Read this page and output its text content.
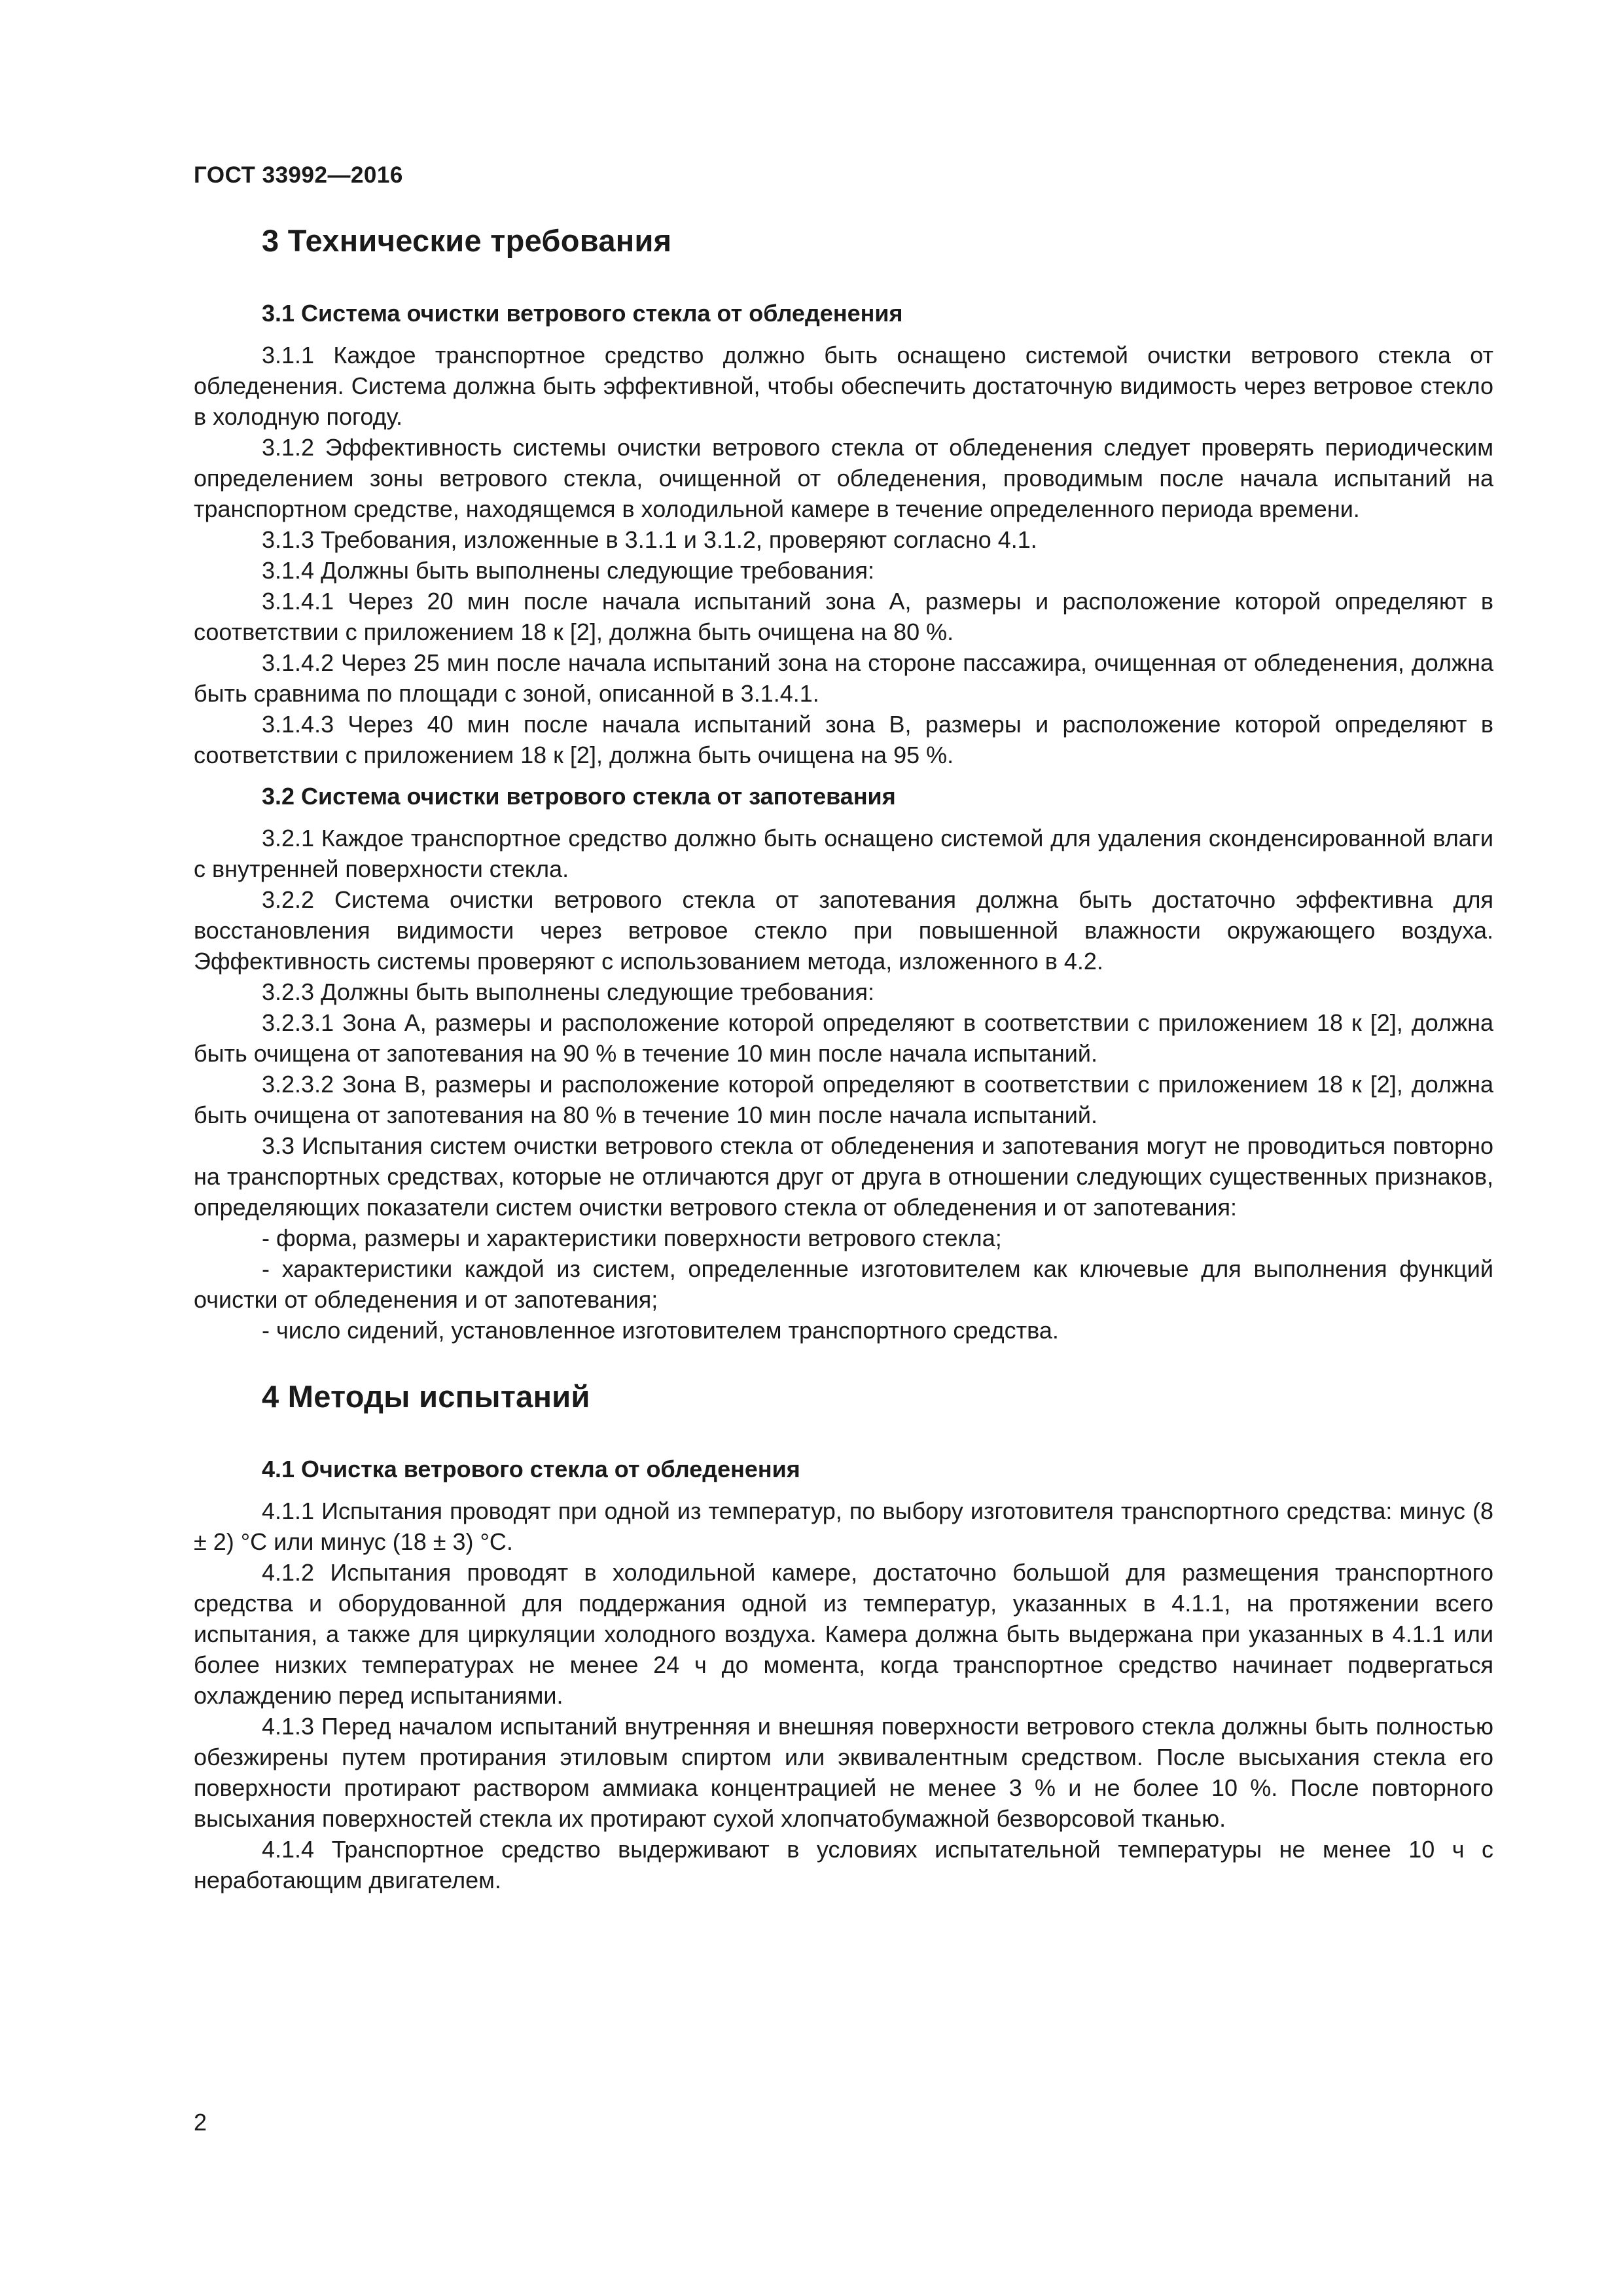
ГОСТ 33992—2016
3 Технические требования
3.1 Система очистки ветрового стекла от обледенения

3.1.1 Каждое транспортное средство должно быть оснащено системой очистки ветрового стекла от обледенения. Система должна быть эффективной, чтобы обеспечить достаточную видимость через ветровое стекло в холодную погоду.

3.1.2 Эффективность системы очистки ветрового стекла от обледенения следует проверять периодическим определением зоны ветрового стекла, очищенной от обледенения, проводимым после начала испытаний на транспортном средстве, находящемся в холодильной камере в течение определенного периода времени.

3.1.3 Требования, изложенные в 3.1.1 и 3.1.2, проверяют согласно 4.1.

3.1.4 Должны быть выполнены следующие требования:

3.1.4.1 Через 20 мин после начала испытаний зона A, размеры и расположение которой определяют в соответствии с приложением 18 к [2], должна быть очищена на 80 %.

3.1.4.2 Через 25 мин после начала испытаний зона на стороне пассажира, очищенная от обледенения, должна быть сравнима по площади с зоной, описанной в 3.1.4.1.

3.1.4.3 Через 40 мин после начала испытаний зона B, размеры и расположение которой определяют в соответствии с приложением 18 к [2], должна быть очищена на 95 %.

3.2 Система очистки ветрового стекла от запотевания

3.2.1 Каждое транспортное средство должно быть оснащено системой для удаления сконденсированной влаги с внутренней поверхности стекла.

3.2.2 Система очистки ветрового стекла от запотевания должна быть достаточно эффективна для восстановления видимости через ветровое стекло при повышенной влажности окружающего воздуха. Эффективность системы проверяют с использованием метода, изложенного в 4.2.

3.2.3 Должны быть выполнены следующие требования:

3.2.3.1 Зона A, размеры и расположение которой определяют в соответствии с приложением 18 к [2], должна быть очищена от запотевания на 90 % в течение 10 мин после начала испытаний.

3.2.3.2 Зона B, размеры и расположение которой определяют в соответствии с приложением 18 к [2], должна быть очищена от запотевания на 80 % в течение 10 мин после начала испытаний.

3.3 Испытания систем очистки ветрового стекла от обледенения и запотевания могут не проводиться повторно на транспортных средствах, которые не отличаются друг от друга в отношении следующих существенных признаков, определяющих показатели систем очистки ветрового стекла от обледенения и от запотевания:

- форма, размеры и характеристики поверхности ветрового стекла;

- характеристики каждой из систем, определенные изготовителем как ключевые для выполнения функций очистки от обледенения и от запотевания;

- число сидений, установленное изготовителем транспортного средства.

4 Методы испытаний
4.1 Очистка ветрового стекла от обледенения

4.1.1 Испытания проводят при одной из температур, по выбору изготовителя транспортного средства: минус (8 ± 2) °C или минус (18 ± 3) °C.

4.1.2 Испытания проводят в холодильной камере, достаточно большой для размещения транспортного средства и оборудованной для поддержания одной из температур, указанных в 4.1.1, на протяжении всего испытания, а также для циркуляции холодного воздуха. Камера должна быть выдержана при указанных в 4.1.1 или более низких температурах не менее 24 ч до момента, когда транспортное средство начинает подвергаться охлаждению перед испытаниями.

4.1.3 Перед началом испытаний внутренняя и внешняя поверхности ветрового стекла должны быть полностью обезжирены путем протирания этиловым спиртом или эквивалентным средством. После высыхания стекла его поверхности протирают раствором аммиака концентрацией не менее 3 % и не более 10 %. После повторного высыхания поверхностей стекла их протирают сухой хлопчатобумажной безворсовой тканью.

4.1.4 Транспортное средство выдерживают в условиях испытательной температуры не менее 10 ч с неработающим двигателем.

2
